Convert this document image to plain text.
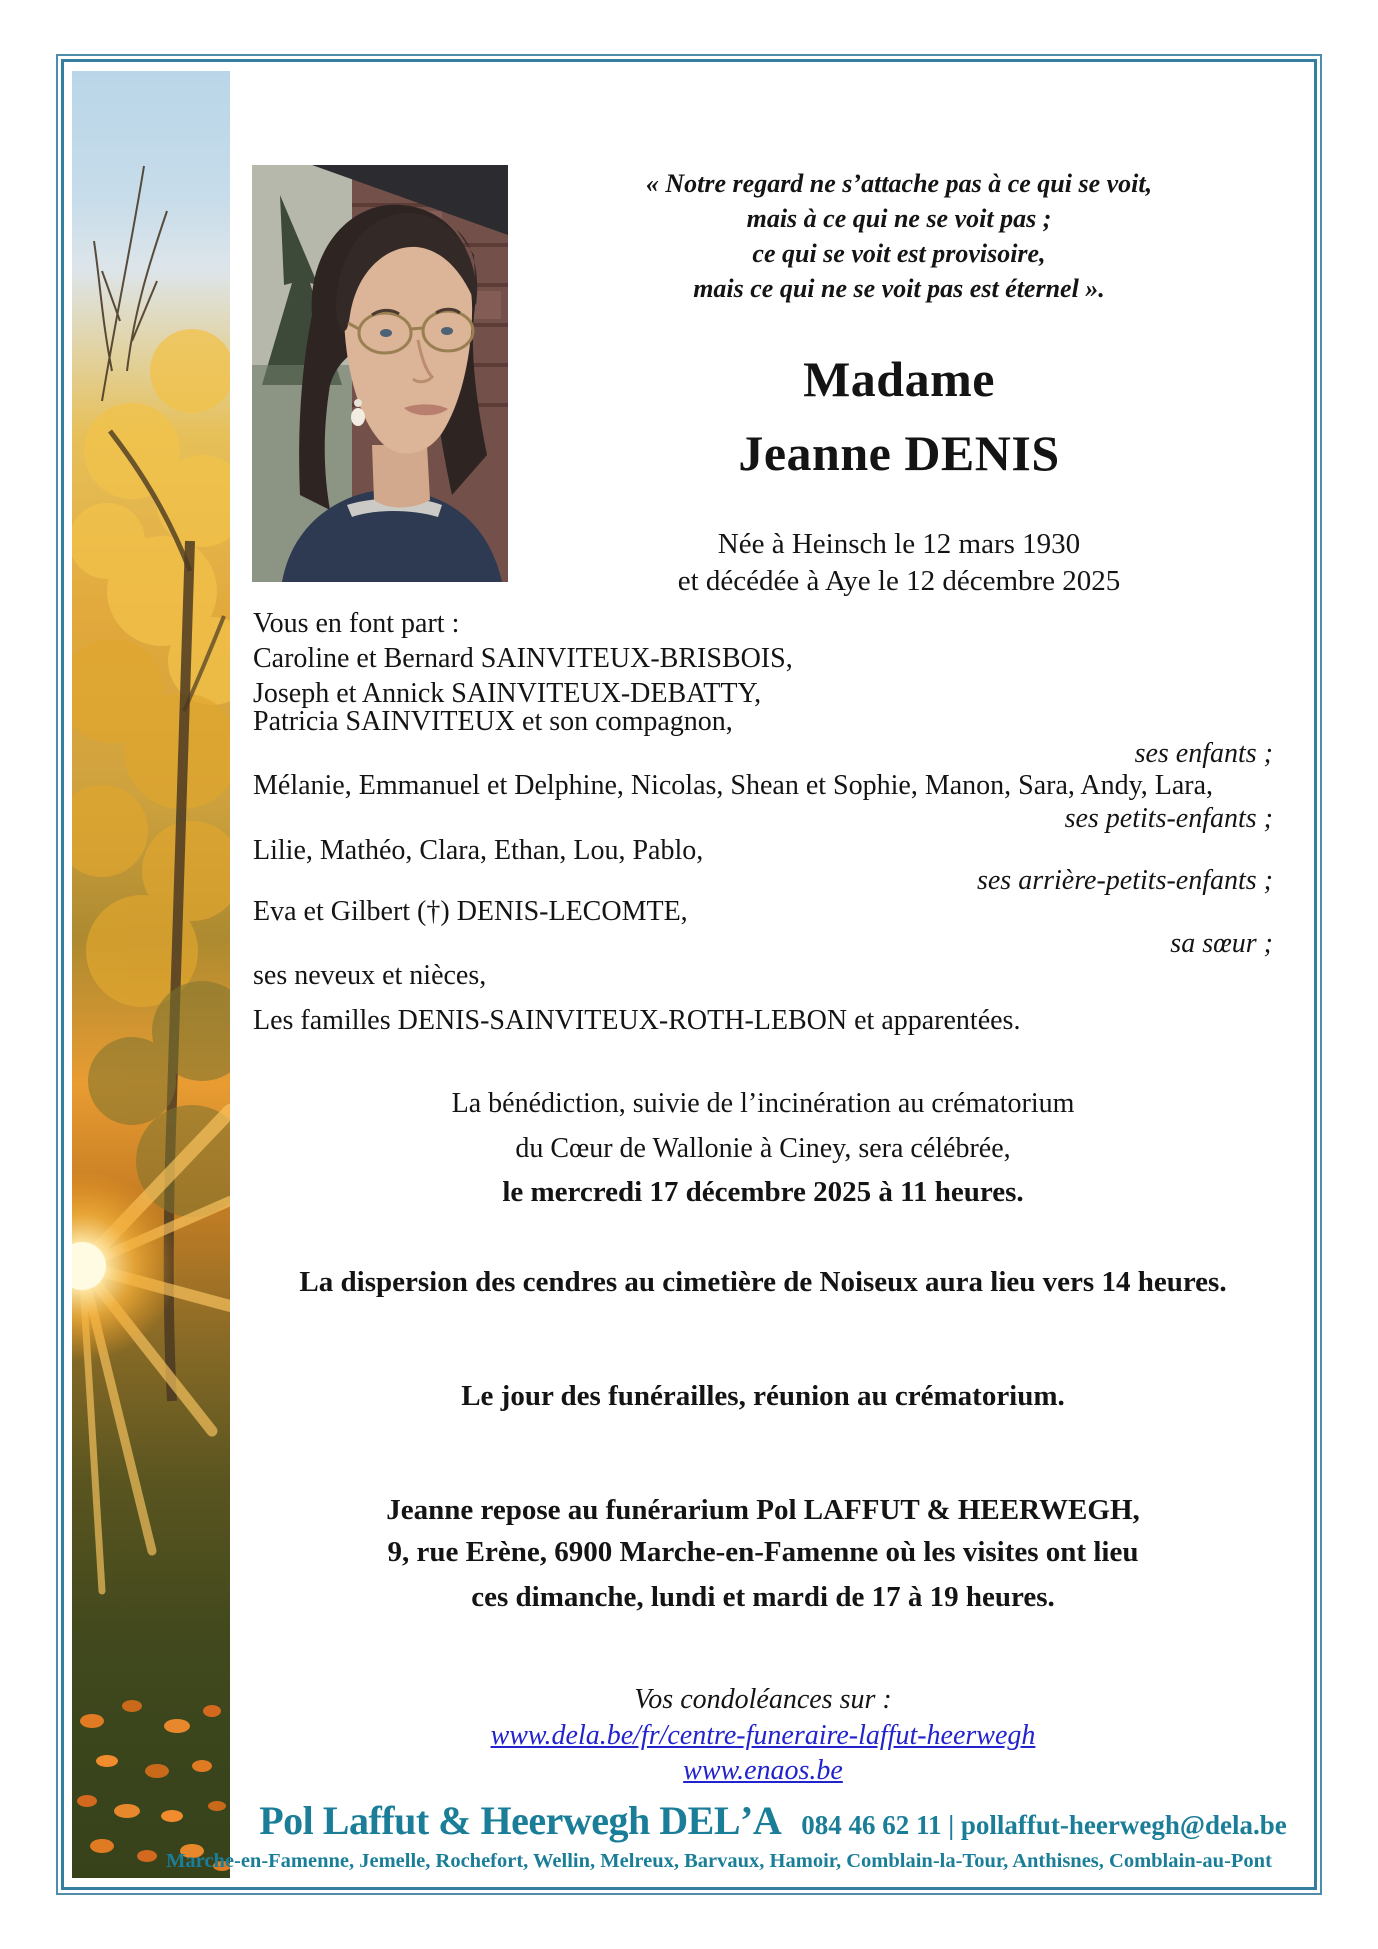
« Notre regard ne s’attache pas à ce qui se voit,
mais à ce qui ne se voit pas ;
ce qui se voit est provisoire,
mais ce qui ne se voit pas est éternel ».
Madame
Jeanne DENIS
Née à Heinsch le 12 mars 1930
et décédée à Aye le 12 décembre 2025
Vous en font part :
Caroline et Bernard SAINVITEUX-BRISBOIS,
Joseph et Annick SAINVITEUX-DEBATTY,
Patricia SAINVITEUX et son compagnon,
ses enfants ;
Mélanie, Emmanuel et Delphine, Nicolas, Shean et Sophie, Manon, Sara, Andy, Lara,
ses petits-enfants ;
Lilie, Mathéo, Clara, Ethan, Lou, Pablo,
ses arrière-petits-enfants ;
Eva et Gilbert (†) DENIS-LECOMTE,
sa sœur ;
ses neveux et nièces,
Les familles DENIS-SAINVITEUX-ROTH-LEBON et apparentées.
La bénédiction, suivie de l’incinération au crématorium
du Cœur de Wallonie à Ciney, sera célébrée,
le mercredi 17 décembre 2025 à 11 heures.
La dispersion des cendres au cimetière de Noiseux aura lieu vers 14 heures.
Le jour des funérailles, réunion au crématorium.
Jeanne repose au funérarium Pol LAFFUT & HEERWEGH,
9, rue Erène, 6900 Marche-en-Famenne où les visites ont lieu
ces dimanche, lundi et mardi de 17 à 19 heures.
Vos condoléances sur :
www.dela.be/fr/centre-funeraire-laffut-heerwegh
www.enaos.be
Pol Laffut & Heerwegh DELʼA 084 46 62 11 | pollaffut-heerwegh@dela.be
Marche-en-Famenne, Jemelle, Rochefort, Wellin, Melreux, Barvaux, Hamoir, Comblain-la-Tour, Anthisnes, Comblain-au-Pont
